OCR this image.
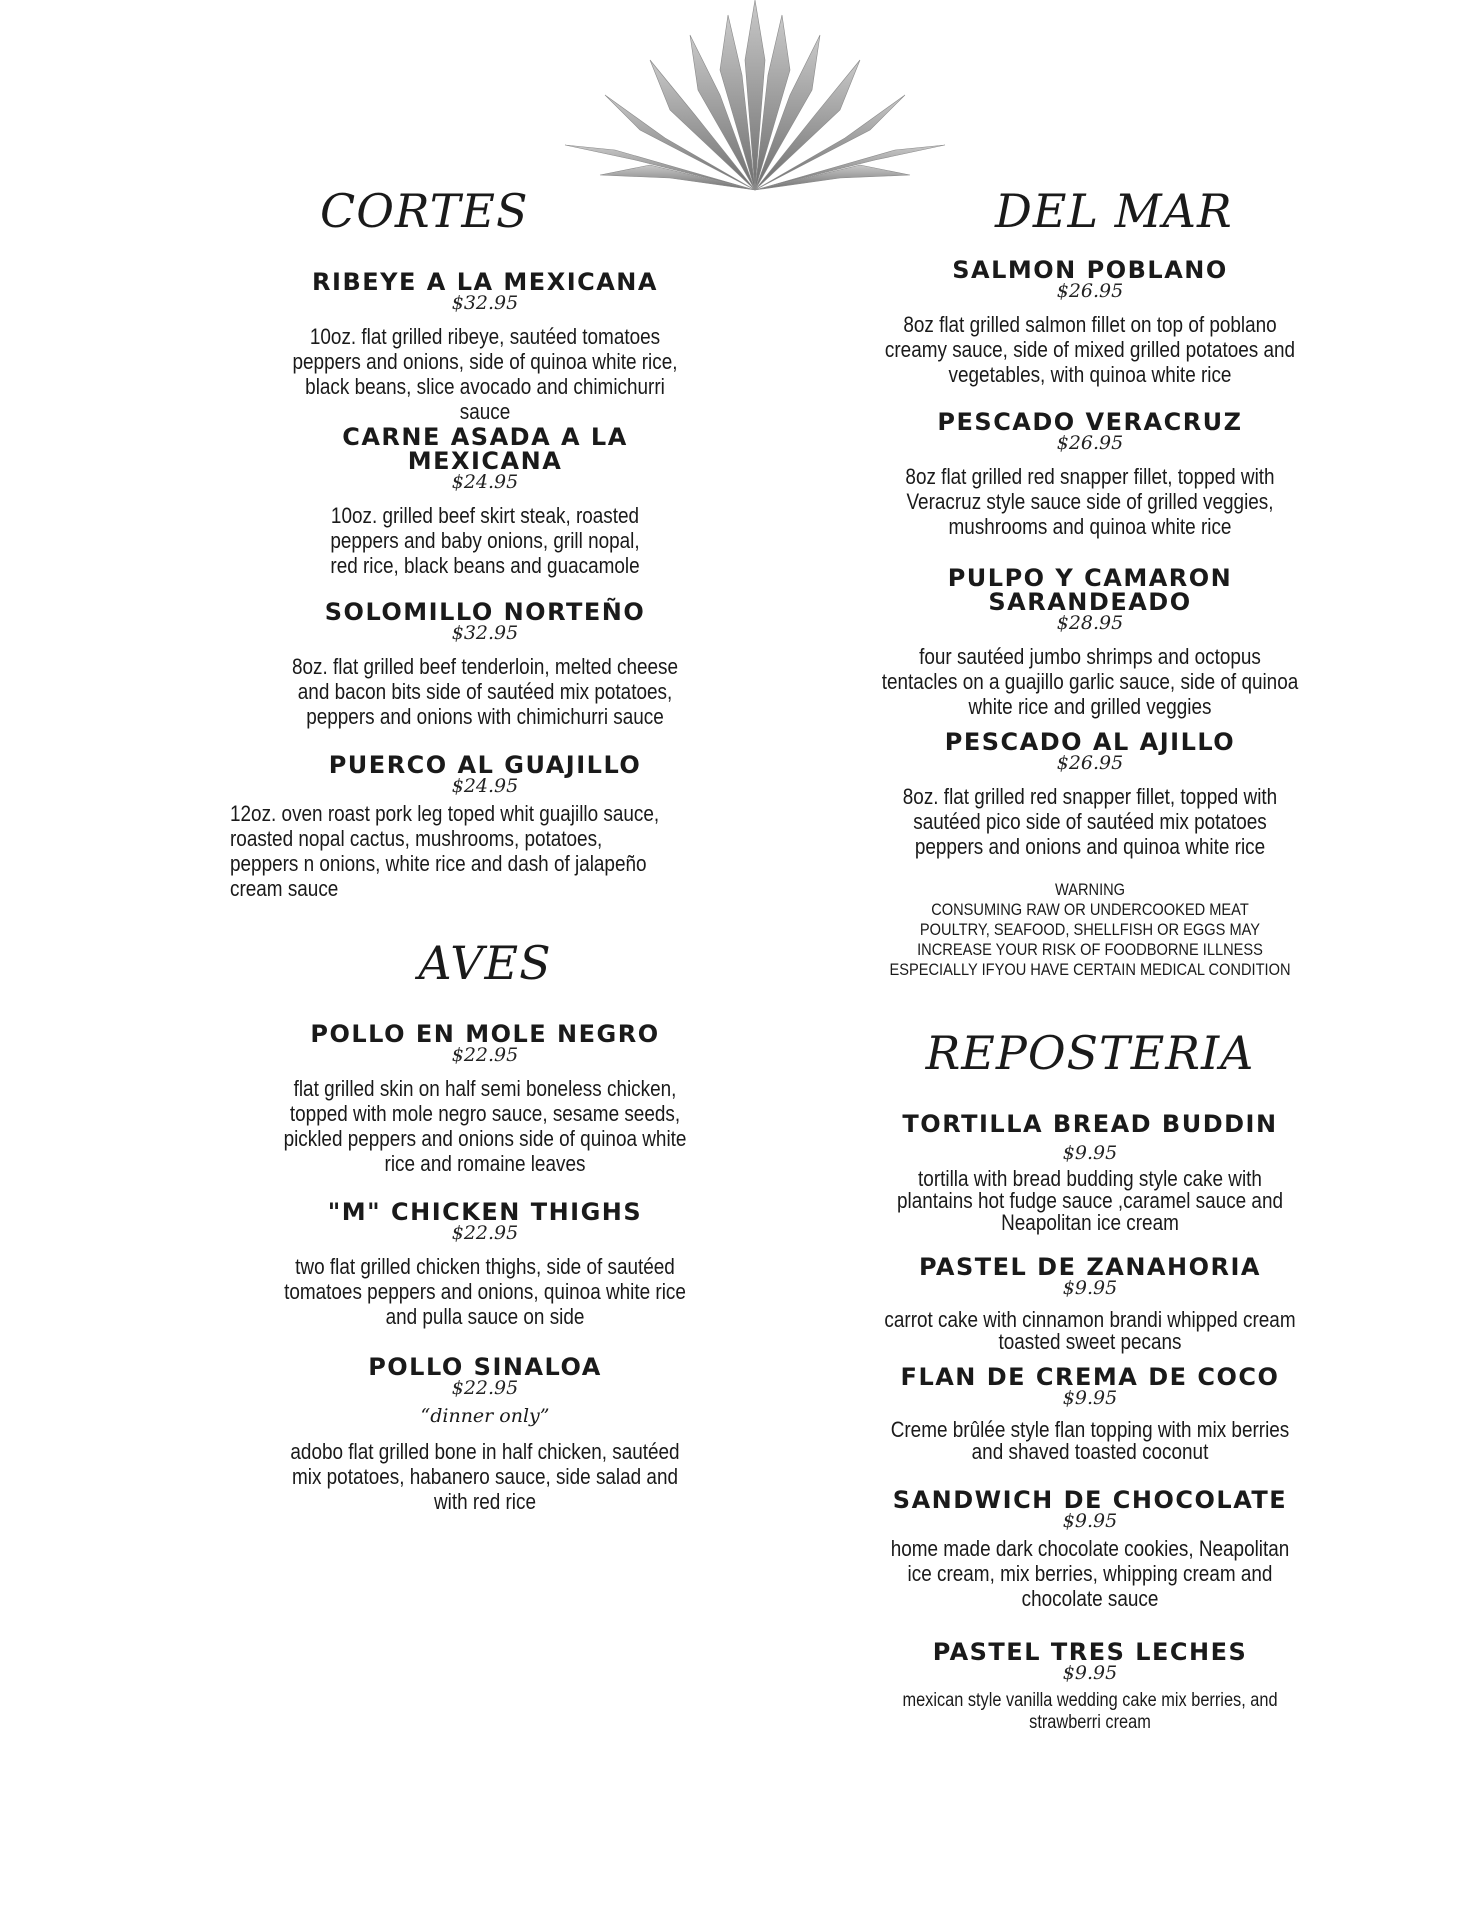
CORTES

RIBEYE A LA MEXICANA

$32.95

10oz. flat grilled ribeye, sautéed tomatoes peppers and onions, side of quinoa white rice, black beans, slice avocado and chimichurri sauce

CARNE ASADA A LA MEXICANA

$24.95

10oz. grilled beef skirt steak, roasted peppers and baby onions, grill nopal, red rice, black beans and guacamole

SOLOMILLO NORTEÑO

$32.95

8oz. flat grilled beef tenderloin, melted cheese and bacon bits side of sautéed mix potatoes, peppers and onions with chimichurri sauce

PUERCO AL GUAJILLO

$24.95

12oz. oven roast pork leg toped whit guajillo sauce, roasted nopal cactus, mushrooms, potatoes, peppers n onions, white rice and dash of jalapeño cream sauce

AVES

POLLO EN MOLE NEGRO

$22.95

flat grilled skin on half semi boneless chicken, topped with mole negro sauce, sesame seeds, pickled peppers and onions side of quinoa white rice and romaine leaves

"M" CHICKEN THIGHS

$22.95

two flat grilled chicken thighs, side of sautéed tomatoes peppers and onions, quinoa white rice and pulla sauce on side

POLLO SINALOA

$22.95

“dinner only”

adobo flat grilled bone in half chicken, sautéed mix potatoes, habanero sauce, side salad and with red rice

DEL MAR

SALMON POBLANO

$26.95

8oz flat grilled salmon fillet on top of poblano creamy sauce, side of mixed grilled potatoes and vegetables, with quinoa white rice

PESCADO VERACRUZ

$26.95

8oz flat grilled red snapper fillet, topped with Veracruz style sauce side of grilled veggies, mushrooms and quinoa white rice

PULPO Y CAMARON SARANDEADO

$28.95

four sautéed jumbo shrimps and octopus tentacles on a guajillo garlic sauce, side of quinoa white rice and grilled veggies

PESCADO AL AJILLO

$26.95

8oz. flat grilled red snapper fillet, topped with sautéed pico side of sautéed mix potatoes peppers and onions and quinoa white rice

WARNING
CONSUMING RAW OR UNDERCOOKED MEAT
POULTRY, SEAFOOD, SHELLFISH OR EGGS MAY
INCREASE YOUR RISK OF FOODBORNE ILLNESS
ESPECIALLY IFYOU HAVE CERTAIN MEDICAL CONDITION

REPOSTERIA

TORTILLA BREAD BUDDIN

$9.95

tortilla with bread budding style cake with plantains hot fudge sauce ,caramel sauce and Neapolitan ice cream

PASTEL DE ZANAHORIA

$9.95

carrot cake with cinnamon brandi whipped cream toasted sweet pecans

FLAN DE CREMA DE COCO

$9.95

Creme brûlée style flan topping with mix berries and shaved toasted coconut

SANDWICH DE CHOCOLATE

$9.95

home made dark chocolate cookies, Neapolitan ice cream, mix berries, whipping cream and chocolate sauce

PASTEL TRES LECHES

$9.95

mexican style vanilla wedding cake mix berries, and strawberri cream
